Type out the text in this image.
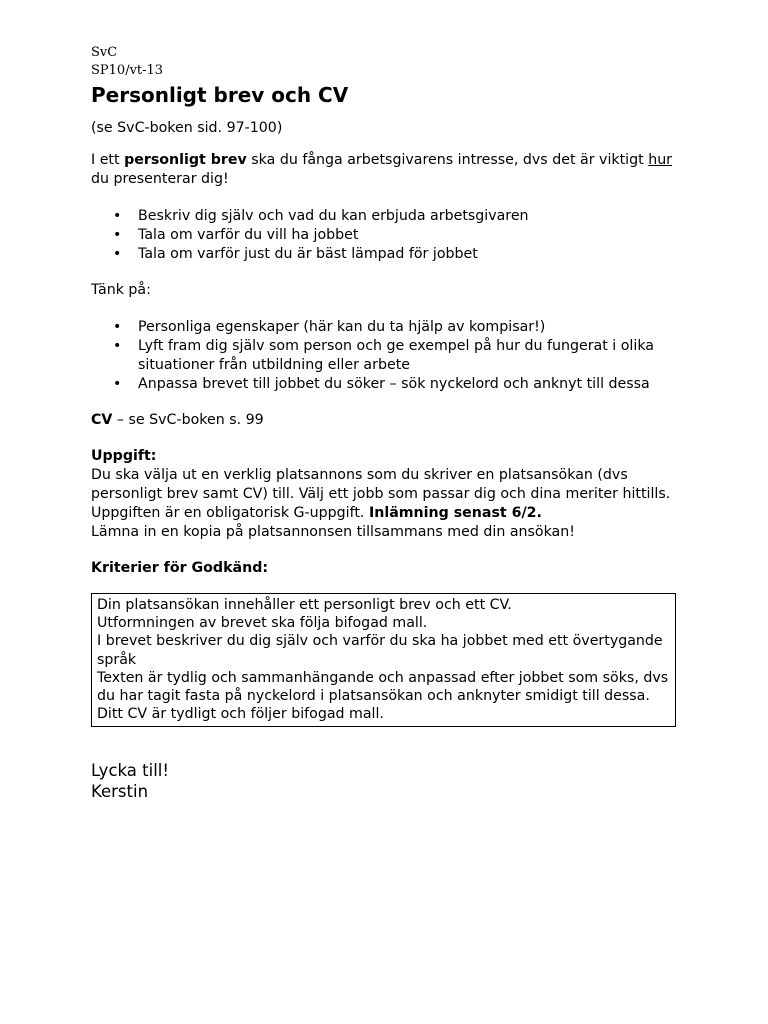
SvC
SP10/vt-13
Personligt brev och CV

(se SvC-boken sid. 97-100)

I ett personligt brev ska du fånga arbetsgivarens intresse, dvs det är viktigt hur du presenterar dig!

• Beskriv dig själv och vad du kan erbjuda arbetsgivaren
• Tala om varför du vill ha jobbet
• Tala om varför just du är bäst lämpad för jobbet

Tänk på:

• Personliga egenskaper (här kan du ta hjälp av kompisar!)
• Lyft fram dig själv som person och ge exempel på hur du fungerat i olika situationer från utbildning eller arbete
• Anpassa brevet till jobbet du söker – sök nyckelord och anknyt till dessa

CV – se SvC-boken s. 99

Uppgift:

Du ska välja ut en verklig platsannons som du skriver en platsansökan (dvs personligt brev samt CV) till. Välj ett jobb som passar dig och dina meriter hittills. Uppgiften är en obligatorisk G-uppgift. Inlämning senast 6/2.

Lämna in en kopia på platsannonsen tillsammans med din ansökan!

Kriterier för Godkänd:

Din platsansökan innehåller ett personligt brev och ett CV.
Utformningen av brevet ska följa bifogad mall.
I brevet beskriver du dig själv och varför du ska ha jobbet med ett övertygande språk
Texten är tydlig och sammanhängande och anpassad efter jobbet som söks, dvs du har tagit fasta på nyckelord i platsansökan och anknyter smidigt till dessa.
Ditt CV är tydligt och följer bifogad mall.
Lycka till!
Kerstin
